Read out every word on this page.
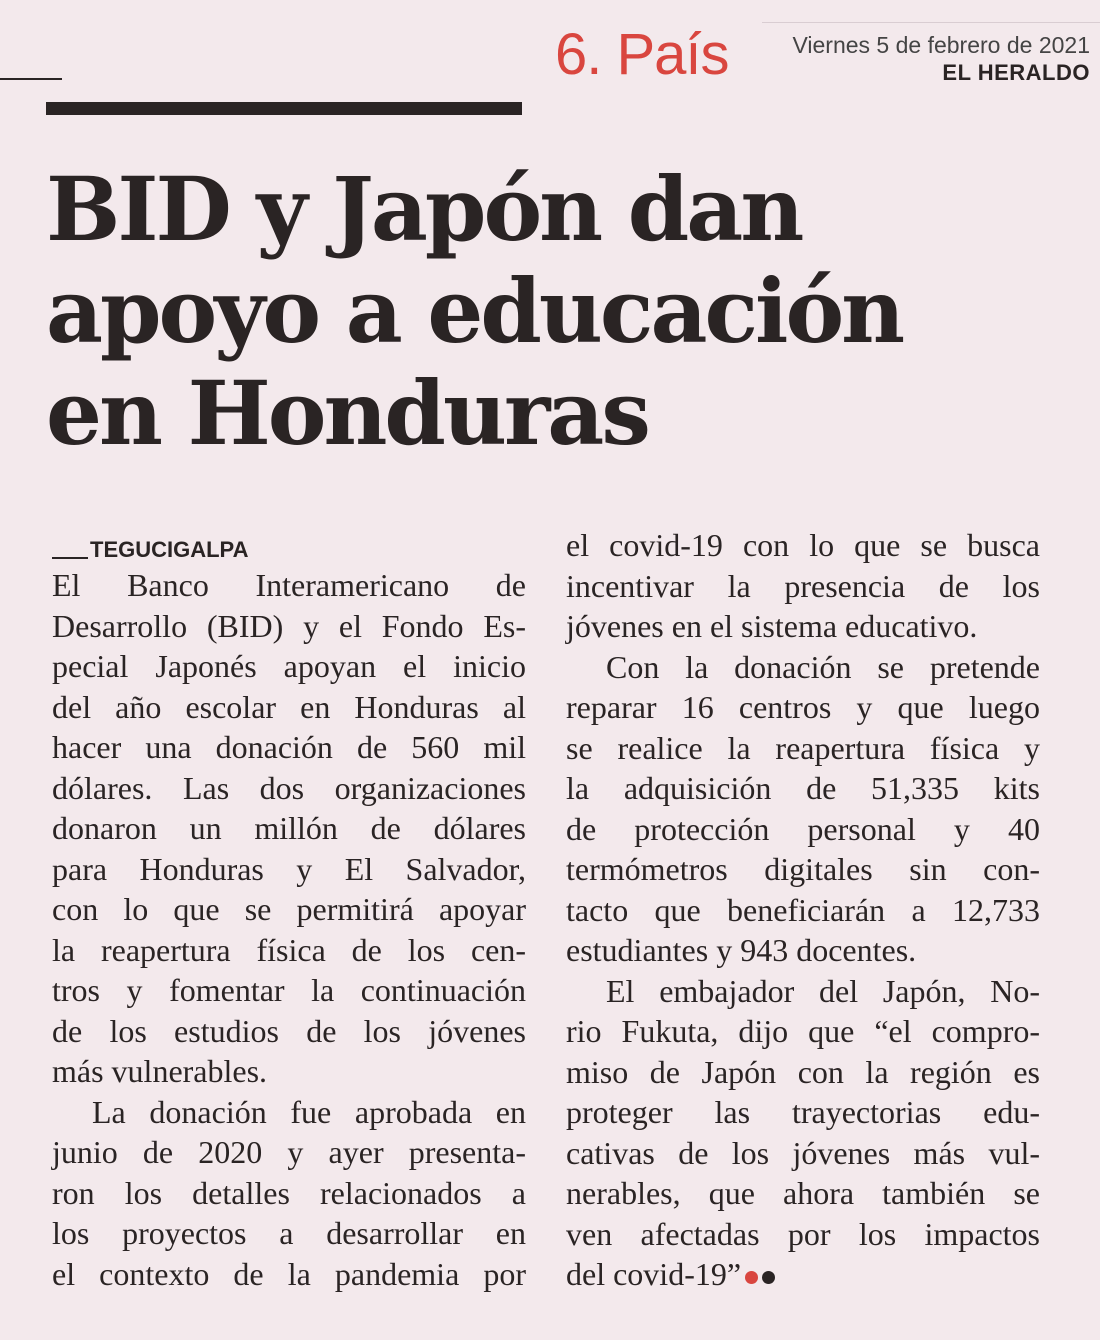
6. País	Viernes 5 de febrero de 2021
EL HERALDO
BID y Japón dan
apoyo a educación
en Honduras
TEGUCIGALPA
El Banco Interamericano de
Desarrollo (BID) y el Fondo Es-
pecial Japonés apoyan el inicio
del año escolar en Honduras al
hacer una donación de 560 mil
dólares. Las dos organizaciones
donaron un millón de dólares
para Honduras y El Salvador,
con lo que se permitirá apoyar
la reapertura física de los cen-
tros y fomentar la continuación
de los estudios de los jóvenes
más vulnerables.
La donación fue aprobada en
junio de 2020 y ayer presenta-
ron los detalles relacionados a
los proyectos a desarrollar en
el contexto de la pandemia por
el covid-19 con lo que se busca
incentivar la presencia de los
jóvenes en el sistema educativo.
Con la donación se pretende
reparar 16 centros y que luego
se realice la reapertura física y
la adquisición de 51,335 kits
de protección personal y 40
termómetros digitales sin con-
tacto que beneficiarán a 12,733
estudiantes y 943 docentes.
El embajador del Japón, No-
rio Fukuta, dijo que “el compro-
miso de Japón con la región es
proteger las trayectorias edu-
cativas de los jóvenes más vul-
nerables, que ahora también se
ven afectadas por los impactos
del covid-19”
